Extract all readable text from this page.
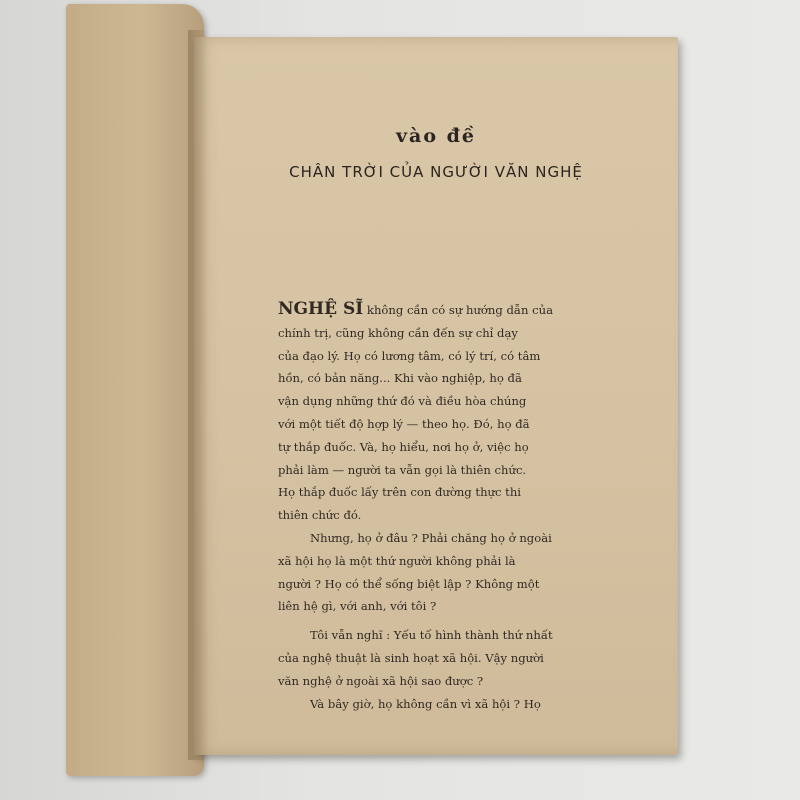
vào đề
CHÂN TRỜI CỦA NGƯỜI VĂN NGHỆ
NGHỆ SĨ không cần có sự hướng dẫn của
chính trị, cũng không cần đến sự chỉ dạy
của đạo lý. Họ có lương tâm, có lý trí, có tâm
hồn, có bản năng... Khi vào nghiệp, họ đã
vận dụng những thứ đó và điều hòa chúng
với một tiết độ hợp lý — theo họ. Đó, họ đã
tự thắp đuốc. Và, họ hiểu, nơi họ ở, việc họ
phải làm — người ta vẫn gọi là thiên chức.
Họ thắp đuốc lấy trên con đường thực thi
thiên chức đó.
Nhưng, họ ở đâu ? Phải chăng họ ở ngoài
xã hội họ là một thứ người không phải là
người ? Họ có thể sống biệt lập ? Không một
liên hệ gì, với anh, với tôi ?
Tôi vẫn nghĩ : Yếu tố hình thành thứ nhất
của nghệ thuật là sinh hoạt xã hội. Vậy người
văn nghệ ở ngoài xã hội sao được ?
Và bây giờ, họ không cần vì xã hội ? Họ
